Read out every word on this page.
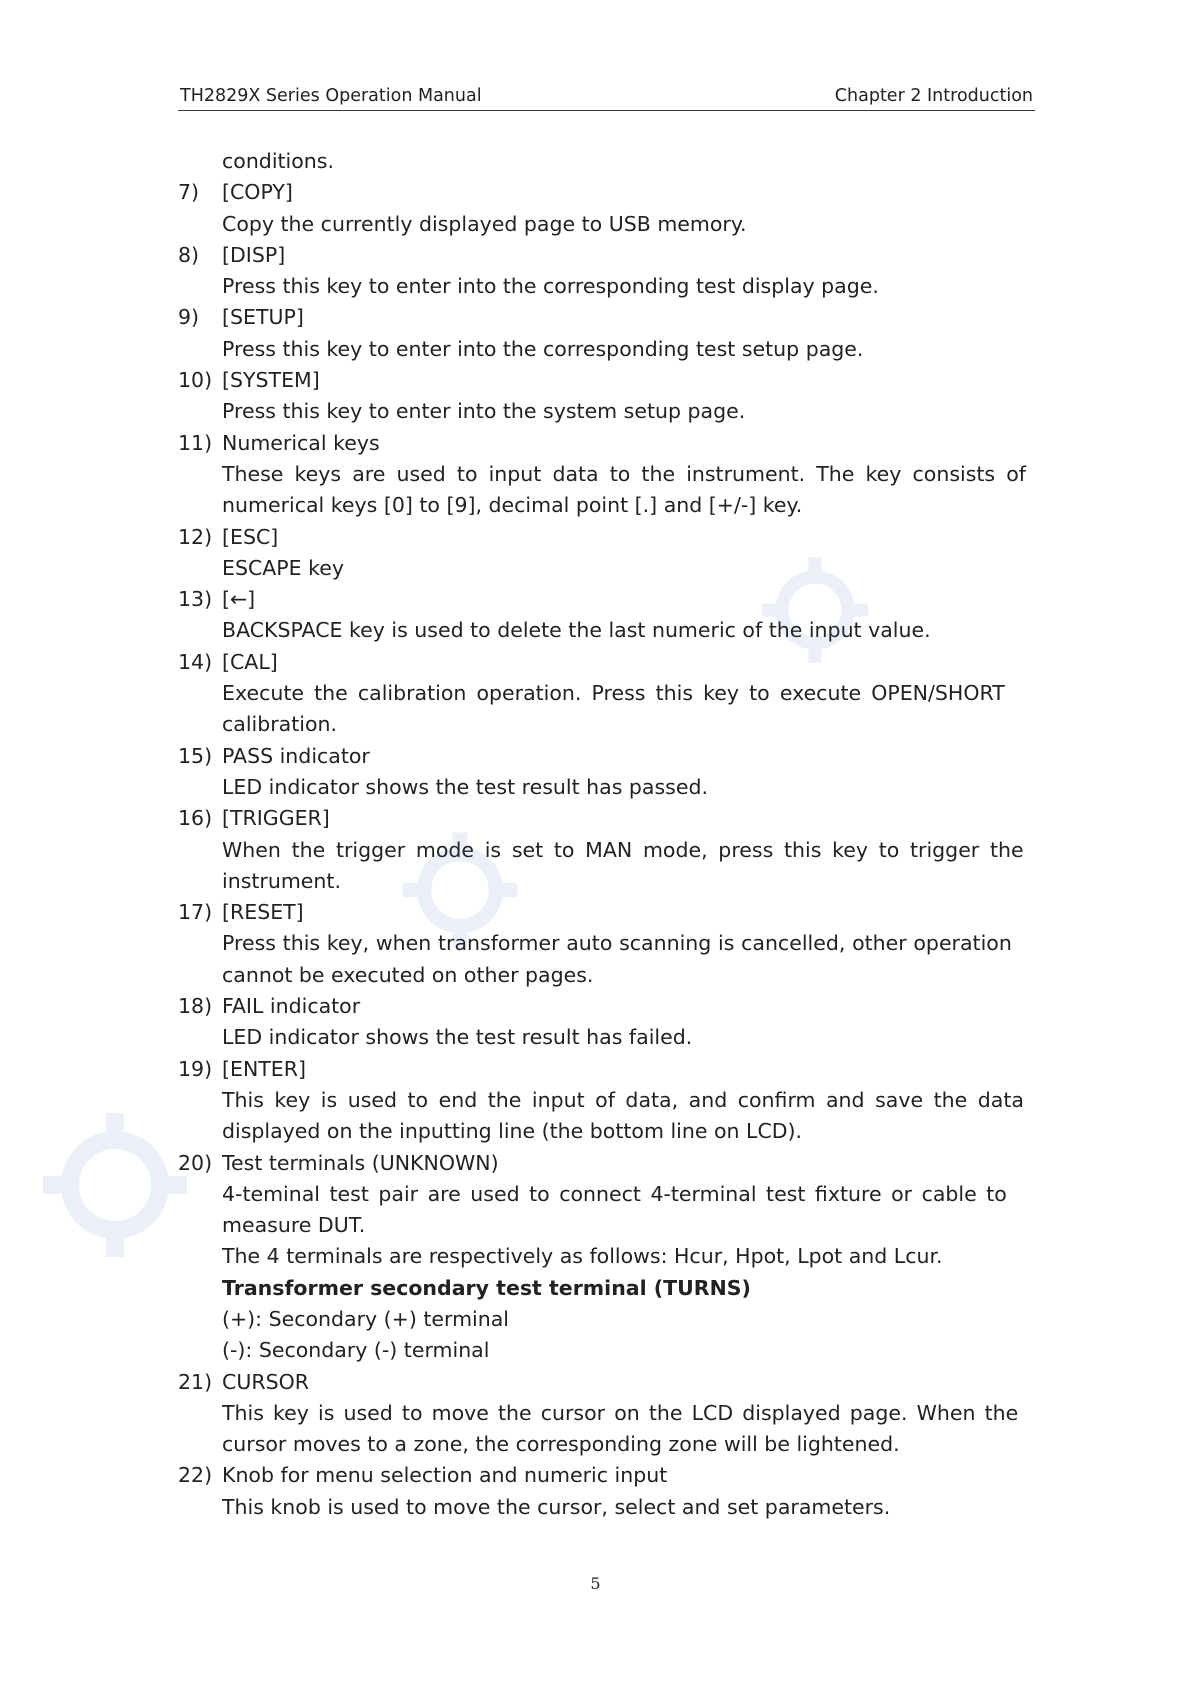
TH2829X Series Operation Manual	Chapter 2 Introduction
conditions.
7) [COPY]
Copy the currently displayed page to USB memory.
8) [DISP]
Press this key to enter into the corresponding test display page.
9) [SETUP]
Press this key to enter into the corresponding test setup page.
10) [SYSTEM]
Press this key to enter into the system setup page.
11) Numerical keys
These keys are used to input data to the instrument. The key consists of
numerical keys [0] to [9], decimal point [.] and [+/-] key.
12) [ESC]
ESCAPE key
13) [←]
BACKSPACE key is used to delete the last numeric of the input value.
14) [CAL]
Execute the calibration operation. Press this key to execute OPEN/SHORT
calibration.
15) PASS indicator
LED indicator shows the test result has passed.
16) [TRIGGER]
When the trigger mode is set to MAN mode, press this key to trigger the
instrument.
17) [RESET]
Press this key, when transformer auto scanning is cancelled, other operation
cannot be executed on other pages.
18) FAIL indicator
LED indicator shows the test result has failed.
19) [ENTER]
This key is used to end the input of data, and confirm and save the data
displayed on the inputting line (the bottom line on LCD).
20) Test terminals (UNKNOWN)
4-teminal test pair are used to connect 4-terminal test fixture or cable to
measure DUT.
The 4 terminals are respectively as follows: Hcur, Hpot, Lpot and Lcur.
Transformer secondary test terminal (TURNS)
(+): Secondary (+) terminal
(-): Secondary (-) terminal
21) CURSOR
This key is used to move the cursor on the LCD displayed page. When the
cursor moves to a zone, the corresponding zone will be lightened.
22) Knob for menu selection and numeric input
This knob is used to move the cursor, select and set parameters.
5
